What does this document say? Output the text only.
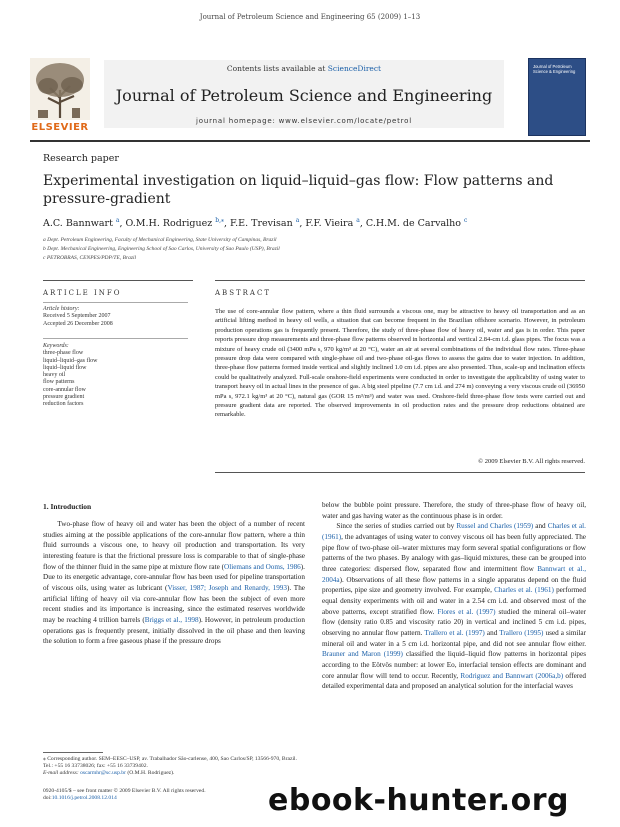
Journal of Petroleum Science and Engineering 65 (2009) 1–13
Contents lists available at ScienceDirect
Journal of Petroleum Science and Engineering
journal homepage: www.elsevier.com/locate/petrol
ELSEVIER
Journal of Petroleum Science & Engineering
Research paper
Experimental investigation on liquid–liquid–gas flow: Flow patterns and pressure-gradient
A.C. Bannwart $^a$, O.M.H. Rodriguez $^{b,⁎}$, F.E. Trevisan $^a$, F.F. Vieira $^a$, C.H.M. de Carvalho $^c$
a Dept. Petroleum Engineering, Faculty of Mechanical Engineering, State University of Campinas, Brazil
b Dept. Mechanical Engineering, Engineering School of Sao Carlos, University of Sao Paulo (USP), Brazil
c PETROBRAS, CENPES/PDP/TE, Brazil
ARTICLE INFO
Article history:
Received 5 September 2007
Accepted 26 December 2008
Keywords:
three-phase flow
liquid–liquid–gas flow
liquid–liquid flow
heavy oil
flow patterns
core-annular flow
pressure gradient
reduction factors
ABSTRACT
The use of core-annular flow pattern, where a thin fluid surrounds a viscous one, may be attractive to heavy oil transportation and as an artificial lifting method in heavy oil wells, a situation that can become frequent in the Brazilian offshore scenario. However, in petroleum production operations gas is frequently present. Therefore, the study of three-phase flow of heavy oil, water and gas is in order. This paper reports pressure drop measurements and three-phase flow patterns observed in horizontal and vertical 2.84-cm i.d. glass pipes. The focus was a mixture of heavy crude oil (3400 mPa s, 970 kg/m³ at 20 °C), water an air at several combinations of the individual flow rates. Three-phase pressure drop data were compared with single-phase oil and two-phase oil-gas flows to assess the gains due to water injection. In addition, three-phase flow patterns formed inside vertical and slightly inclined 1.0 cm i.d. pipes are also presented. Thus, scale-up and inclination effects could be qualitatively analyzed. Full-scale onshore-field experiments were conducted in order to investigate the applicability of using water to transport heavy oil in actual lines in the presence of gas. A big steel pipeline (7.7 cm i.d. and 274 m) conveying a very viscous crude oil (36950 mPa s, 972.1 kg/m³ at 20 °C), natural gas (GOR 15 m³/m³) and water was used. Onshore-field three-phase flow tests were carried out and pressure gradient data are reported. The observed improvements in oil production rates and the pressure drop reductions obtained are remarkable.
© 2009 Elsevier B.V. All rights reserved.
1. Introduction
  Two-phase flow of heavy oil and water has been the object of a number of recent studies aiming at the possible applications of the core-annular flow pattern, where a thin fluid surrounds a viscous one, to heavy oil production and transportation. Its very interesting feature is that the frictional pressure loss is comparable to that of single-phase flow of the thinner fluid in the same pipe at mixture flow rate (Oliemans and Ooms, 1986). Due to its energetic advantage, core-annular flow has been used for pipeline transportation of viscous oils, using water as lubricant (Visser, 1987; Joseph and Renardy, 1993). The artificial lifting of heavy oil via core-annular flow has been the subject of even more recent studies and its importance is increasing, since the estimated reserves worldwide may be reaching 4 trillion barrels (Briggs et al., 1998). However, in petroleum production operations gas is frequently present, initially dissolved in the oil phase and then leaving the solution to form a free gaseous phase if the pressure drops
below the bubble point pressure. Therefore, the study of three-phase flow of heavy oil, water and gas having water as the continuous phase is in order.
  Since the series of studies carried out by Russel and Charles (1959) and Charles et al. (1961), the advantages of using water to convey viscous oil has been fully appreciated. The pipe flow of two-phase oil–water mixtures may form several spatial configurations or flow patterns of the two phases. By analogy with gas–liquid mixtures, these can be grouped into three categories: dispersed flow, separated flow and intermittent flow Bannwart et al., 2004a). Observations of all these flow patterns in a single apparatus depend on the fluid properties, pipe size and geometry involved. For example, Charles et al. (1961) performed equal density experiments with oil and water in a 2.54 cm i.d. and observed most of the above patterns, except stratified flow. Flores et al. (1997) studied the mineral oil–water flow (density ratio 0.85 and viscosity ratio 20) in vertical and inclined 5 cm i.d. pipes, observing no annular flow pattern. Trallero et al. (1997) and Trallero (1995) used a similar mineral oil and water in a 5 cm i.d. horizontal pipe, and did not see annular flow either. Brauner and Maron (1999) classified the liquid–liquid flow patterns in horizontal pipes according to the Eötvös number: at lower Eo, interfacial tension effects are dominant and core annular flow will tend to occur. Recently, Rodriguez and Bannwart (2006a,b) offered detailed experimental data and proposed an analytical solution for the interfacial waves
⁎ Corresponding author. SEM–EESC–USP, av. Trabalhador São-carlense, 400, Sao Carlos/SP, 13566-970, Brazil. Tel.: +55 16 33738026; fax: +55 16 33739402.
E-mail address: oscarmhr@sc.usp.br (O.M.H. Rodriguez).
0920-4105/$ – see front matter © 2009 Elsevier B.V. All rights reserved.
doi:10.1016/j.petrol.2008.12.014	ebook-hunter.org
